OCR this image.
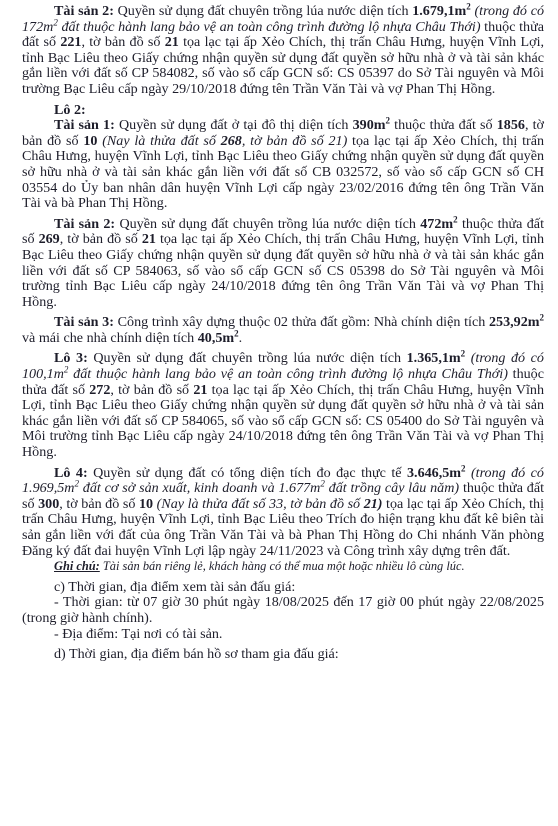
Tài sản 2: Quyền sử dụng đất chuyên trồng lúa nước diện tích $1.679,1m^2$ (trong đó có $172m^2$ đất thuộc hành lang bảo vệ an toàn công trình đường lộ nhựa Châu Thới) thuộc thửa đất số 221, tờ bản đồ số 21 tọa lạc tại ấp Xẻo Chích, thị trấn Châu Hưng, huyện Vĩnh Lợi, tỉnh Bạc Liêu theo Giấy chứng nhận quyền sử dụng đất quyền sở hữu nhà ở và tài sản khác gắn liền với đất số CP 584082, số vào sổ cấp GCN số: CS 05397 do Sở Tài nguyên và Môi trường Bạc Liêu cấp ngày 29/10/2018 đứng tên Trần Văn Tài và vợ Phan Thị Hồng.
Lô 2:
Tài sản 1: Quyền sử dụng đất ở tại đô thị diện tích $390m^2$ thuộc thửa đất số 1856, tờ bản đồ số 10 (Nay là thửa đất số 268, tờ bản đồ số 21) tọa lạc tại ấp Xẻo Chích, thị trấn Châu Hưng, huyện Vĩnh Lợi, tỉnh Bạc Liêu theo Giấy chứng nhận quyền sử dụng đất quyền sở hữu nhà ở và tài sản khác gắn liền với đất số CB 032572, số vào sổ cấp GCN số CH 03554 do Ủy ban nhân dân huyện Vĩnh Lợi cấp ngày 23/02/2016 đứng tên ông Trần Văn Tài và bà Phan Thị Hồng.
Tài sản 2: Quyền sử dụng đất chuyên trồng lúa nước diện tích $472m^2$ thuộc thửa đất số 269, tờ bản đồ số 21 tọa lạc tại ấp Xẻo Chích, thị trấn Châu Hưng, huyện Vĩnh Lợi, tỉnh Bạc Liêu theo Giấy chứng nhận quyền sử dụng đất quyền sở hữu nhà ở và tài sản khác gắn liền với đất số CP 584063, số vào sổ cấp GCN số CS 05398 do Sở Tài nguyên và Môi trường tỉnh Bạc Liêu cấp ngày 24/10/2018 đứng tên ông Trần Văn Tài và vợ Phan Thị Hồng.
Tài sản 3: Công trình xây dựng thuộc 02 thửa đất gồm: Nhà chính diện tích $253,92m^2$ và mái che nhà chính diện tích $40,5m^2$.
Lô 3: Quyền sử dụng đất chuyên trồng lúa nước diện tích $1.365,1m^2$ (trong đó có $100,1m^2$ đất thuộc hành lang bảo vệ an toàn công trình đường lộ nhựa Châu Thới) thuộc thửa đất số 272, tờ bản đồ số 21 tọa lạc tại ấp Xẻo Chích, thị trấn Châu Hưng, huyện Vĩnh Lợi, tỉnh Bạc Liêu theo Giấy chứng nhận quyền sử dụng đất quyền sở hữu nhà ở và tài sản khác gắn liền với đất số CP 584065, số vào sổ cấp GCN số: CS 05400 do Sở Tài nguyên và Môi trường tỉnh Bạc Liêu cấp ngày 24/10/2018 đứng tên ông Trần Văn Tài và vợ Phan Thị Hồng.
Lô 4: Quyền sử dụng đất có tổng diện tích đo đạc thực tế $3.646,5m^2$ (trong đó có $1.969,5m^2$ đất cơ sở sản xuất, kinh doanh và $1.677m^2$ đất trồng cây lâu năm) thuộc thửa đất số 300, tờ bản đồ số 10 (Nay là thửa đất số 33, tờ bản đồ số 21) tọa lạc tại ấp Xẻo Chích, thị trấn Châu Hưng, huyện Vĩnh Lợi, tỉnh Bạc Liêu theo Trích đo hiện trạng khu đất kê biên tài sản gắn liền với đất của ông Trần Văn Tài và bà Phan Thị Hồng do Chi nhánh Văn phòng Đăng ký đất đai huyện Vĩnh Lợi lập ngày 24/11/2023 và Công trình xây dựng trên đất.
Ghi chú: Tài sản bán riêng lẻ, khách hàng có thể mua một hoặc nhiều lô cùng lúc.
c) Thời gian, địa điểm xem tài sản đấu giá:
- Thời gian: từ 07 giờ 30 phút ngày 18/08/2025 đến 17 giờ 00 phút ngày 22/08/2025 (trong giờ hành chính).
- Địa điểm: Tại nơi có tài sản.
d) Thời gian, địa điểm bán hồ sơ tham gia đấu giá:
